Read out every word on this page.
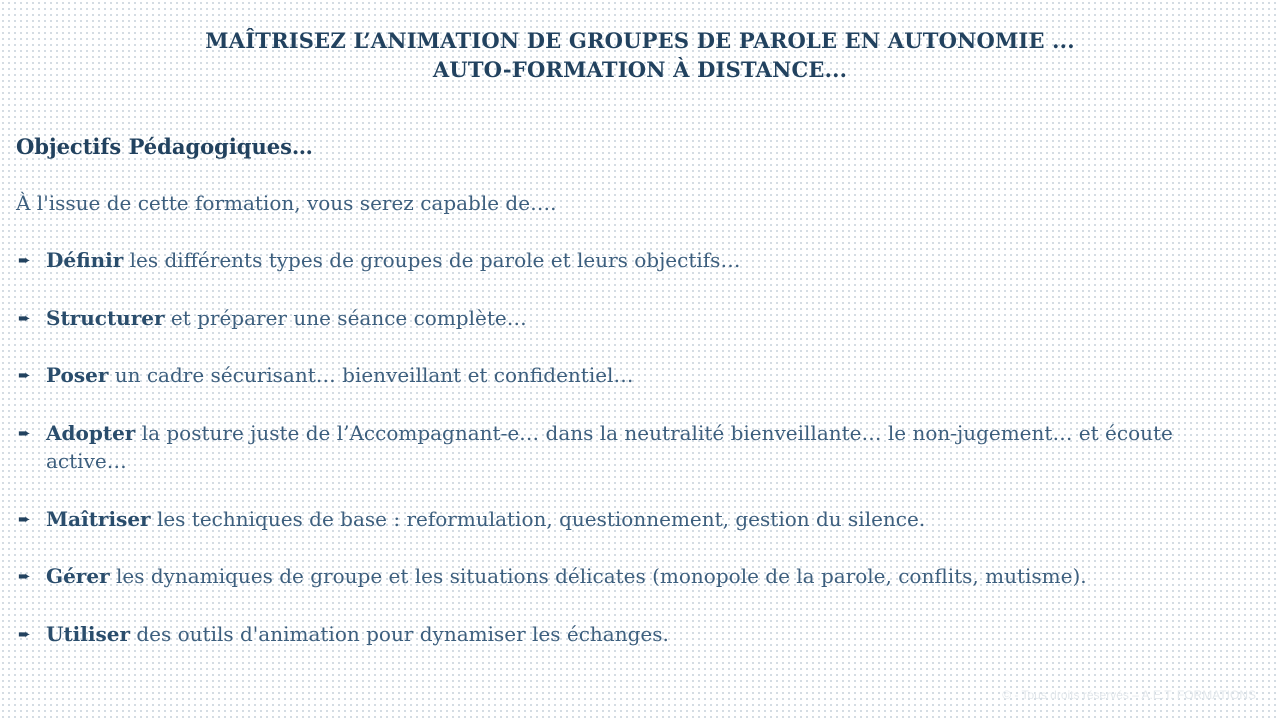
MAÎTRISEZ L’ANIMATION DE GROUPES DE PAROLE EN AUTONOMIE ...
AUTO-FORMATION À DISTANCE...
Objectifs Pédagogiques…
À l'issue de cette formation, vous serez capable de….
➨ Définir les différents types de groupes de parole et leurs objectifs…
➨ Structurer et préparer une séance complète…
➨ Poser un cadre sécurisant… bienveillant et confidentiel…
➨ Adopter la posture juste de l’Accompagnant-e… dans la neutralité bienveillante… le non-jugement… et écoute active…
➨ Maîtriser les techniques de base : reformulation, questionnement, gestion du silence.
➨ Gérer les dynamiques de groupe et les situations délicates (monopole de la parole, conflits, mutisme).
➨ Utiliser des outils d'animation pour dynamiser les échanges.
© - Tous droits réservés – A.E.T. FORMATIONS
